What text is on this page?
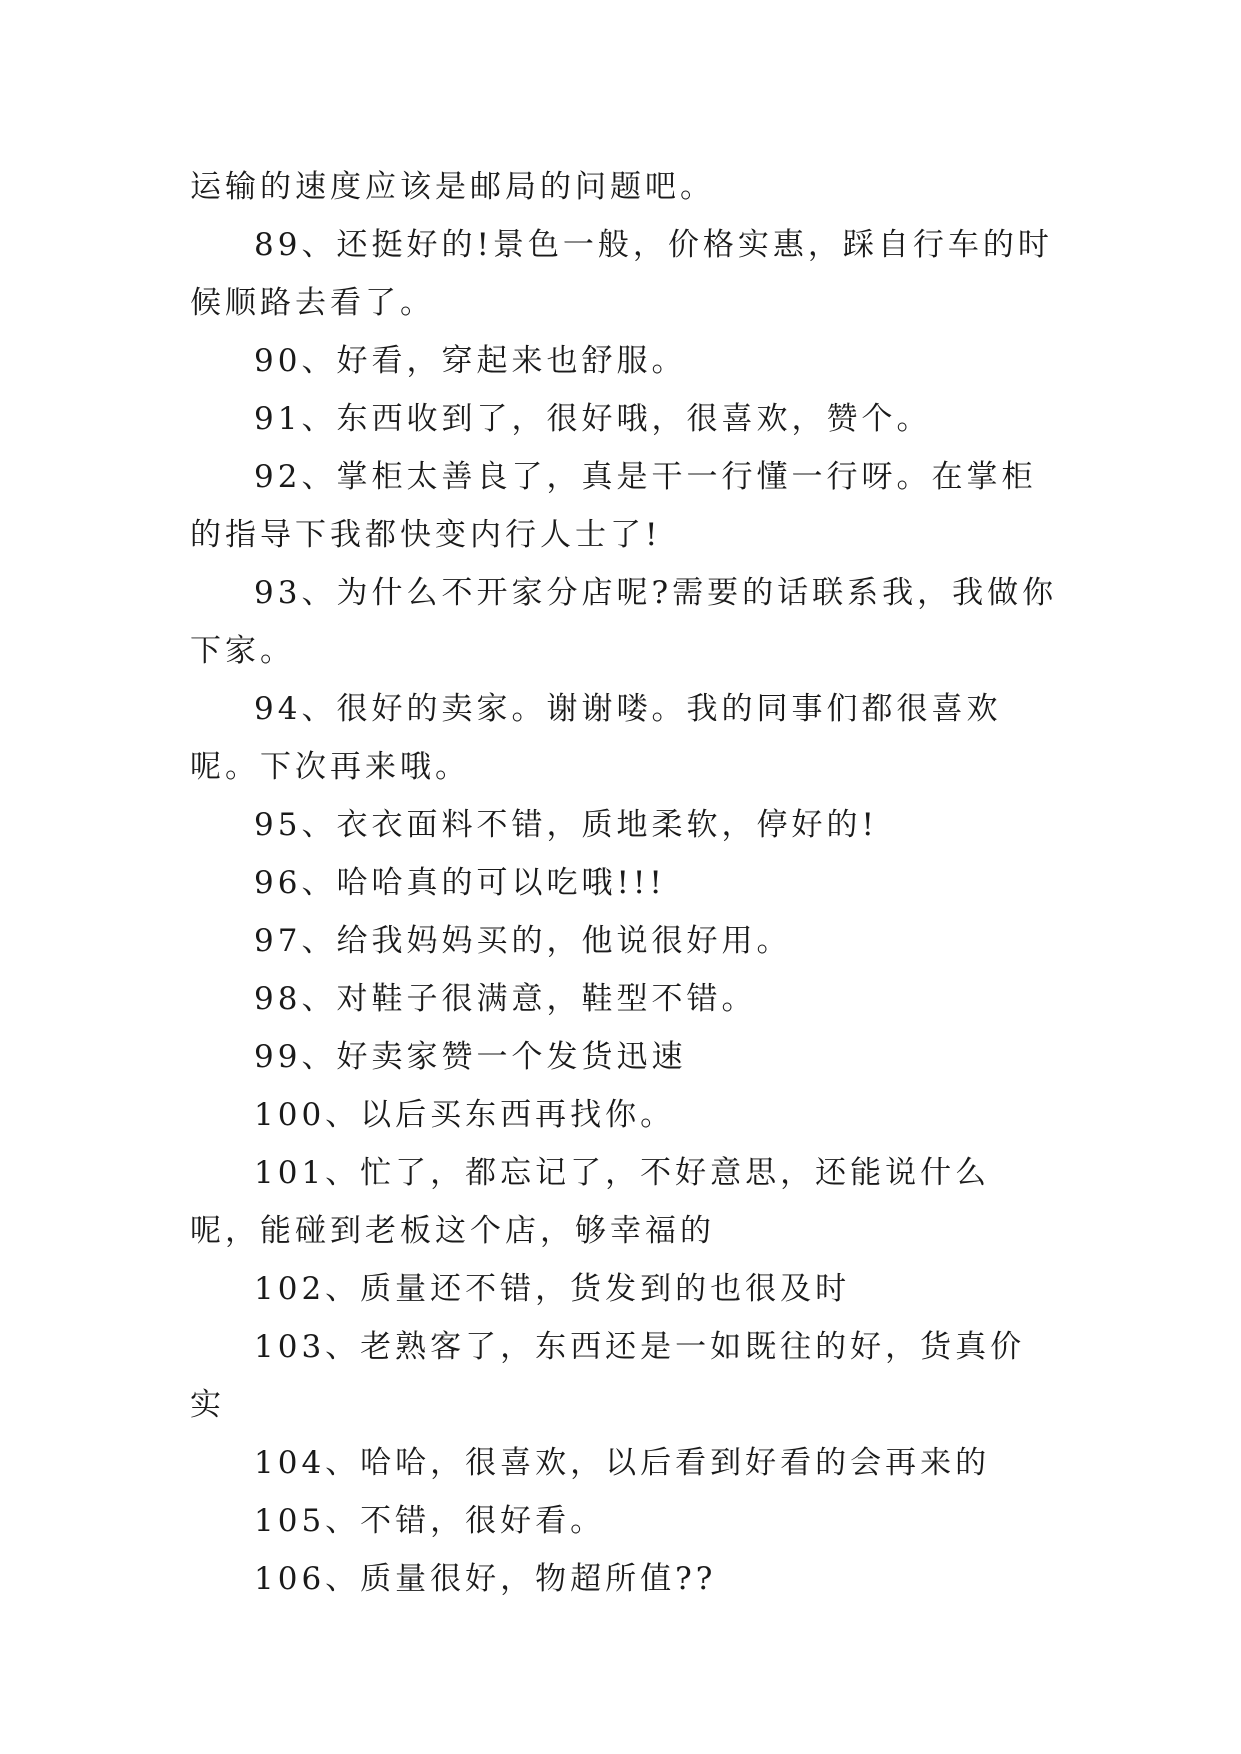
运输的速度应该是邮局的问题吧。

89、还挺好的!景色一般，价格实惠，踩自行车的时候顺路去看了。

90、好看，穿起来也舒服。

91、东西收到了，很好哦，很喜欢，赞个。

92、掌柜太善良了，真是干一行懂一行呀。在掌柜的指导下我都快变内行人士了!

93、为什么不开家分店呢?需要的话联系我，我做你下家。

94、很好的卖家。谢谢喽。我的同事们都很喜欢呢。下次再来哦。

95、衣衣面料不错，质地柔软，停好的!

96、哈哈真的可以吃哦!!!

97、给我妈妈买的，他说很好用。

98、对鞋子很满意，鞋型不错。

99、好卖家赞一个发货迅速

100、以后买东西再找你。

101、忙了，都忘记了，不好意思，还能说什么呢，能碰到老板这个店，够幸福的

102、质量还不错，货发到的也很及时

103、老熟客了，东西还是一如既往的好，货真价实

104、哈哈，很喜欢，以后看到好看的会再来的

105、不错，很好看。

106、质量很好，物超所值??
